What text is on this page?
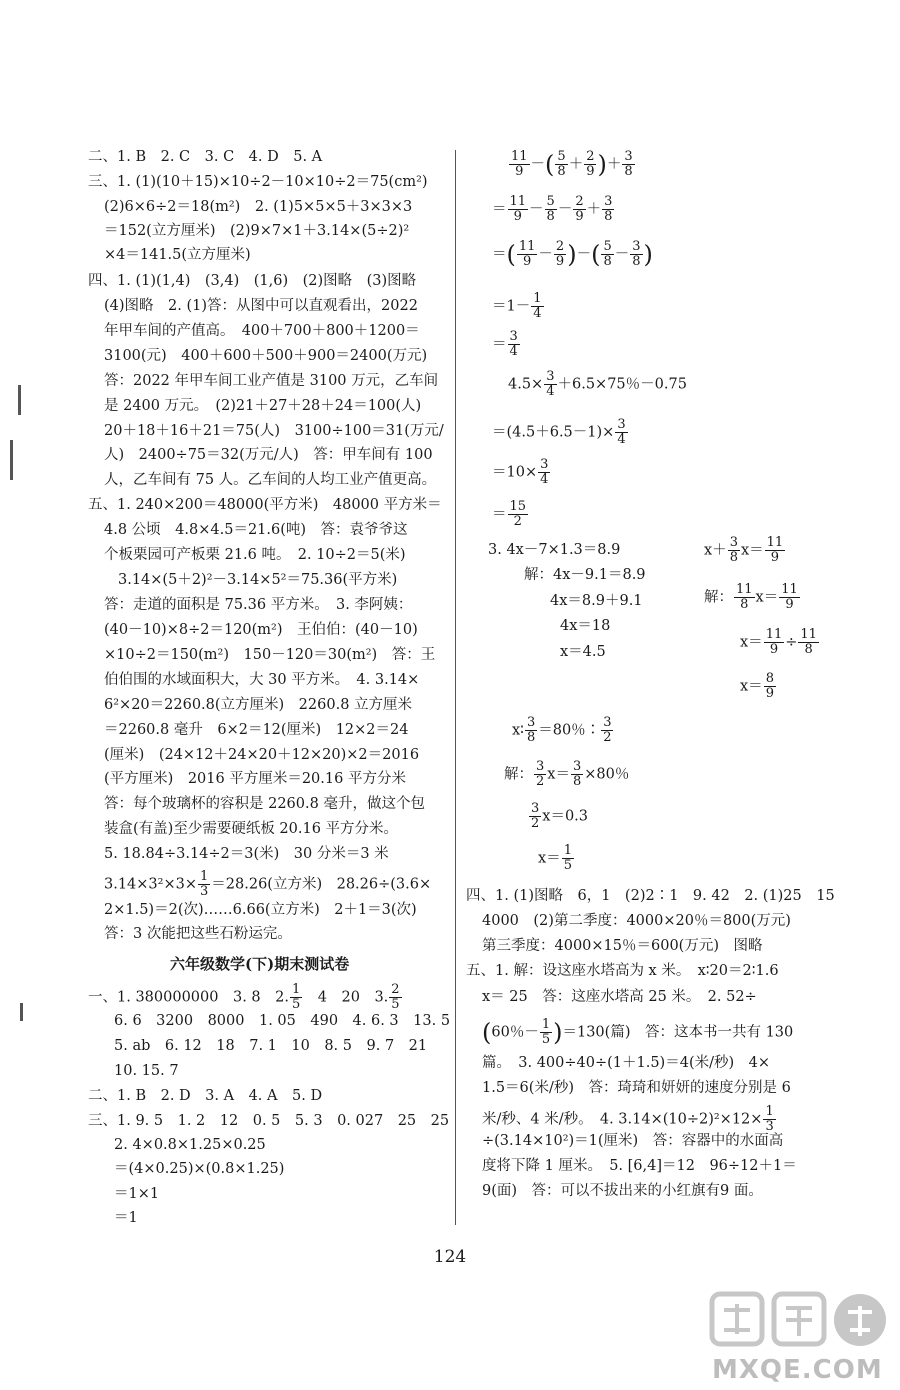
二、1. B　2. C　3. C　4. D　5. A
三、1. (1)(10＋15)×10÷2－10×10÷2＝75(cm²)
(2)6×6÷2＝18(m²)　2. (1)5×5×5＋3×3×3
＝152(立方厘米)　(2)9×7×1＋3.14×(5÷2)²
×4＝141.5(立方厘米)
四、1. (1)(1,4)　(3,4)　(1,6)　(2)图略　(3)图略
(4)图略　2. (1)答：从图中可以直观看出，2022
年甲车间的产值高。　400＋700＋800＋1200＝
3100(元)　400＋600＋500＋900＝2400(万元)
答：2022 年甲车间工业产值是 3100 万元，乙车间
是 2400 万元。　(2)21＋27＋28＋24＝100(人)
20＋18＋16＋21＝75(人)　3100÷100＝31(万元/
人)　2400÷75＝32(万元/人)　答：甲车间有 100
人，乙车间有 75 人。乙车间的人均工业产值更高。
五、1. 240×200＝48000(平方米)　48000 平方米＝
4.8 公顷　4.8×4.5＝21.6(吨)　答：袁爷爷这
个板栗园可产板栗 21.6 吨。　2. 10÷2＝5(米)
3.14×(5＋2)²－3.14×5²＝75.36(平方米)
答：走道的面积是 75.36 平方米。　3. 李阿姨：
(40－10)×8÷2＝120(m²)　王伯伯：(40－10)
×10÷2＝150(m²)　150－120＝30(m²)　答：王
伯伯围的水域面积大，大 30 平方米。　4. 3.14×
6²×20＝2260.8(立方厘米)　2260.8 立方厘米
＝2260.8 毫升　6×2＝12(厘米)　12×2＝24
(厘米)　(24×12＋24×20＋12×20)×2＝2016
(平方厘米)　2016 平方厘米＝20.16 平方分米
答：每个玻璃杯的容积是 2260.8 毫升，做这个包
装盒(有盖)至少需要硬纸板 20.16 平方分米。
5. 18.84÷3.14÷2＝3(米)　30 分米＝3 米
$3.14\times 3^2\times 3\times \frac{1}{3} =28.26$(立方米)　28.26÷(3.6×
2×1.5)＝2(次)……6.66(立方米)　2＋1＝3(次)
答：3 次能把这些石粉运完。
六年级数学(下)期末测试卷
一、1. 380000000　3. 8　2. $\frac{1}{5}$
　 4　20　3. $\frac{2}{5}$
6. 6　3200　8000　1. 05　490　4. 6. 3　13. 5
5. ab　6. 12　18　7. 1　10　8. 5　9. 7　21
10. 15. 7
二、1. B　2. D　3. A　4. A　5. D
三、1. 9. 5　1. 2　12　0. 5　5. 3　0. 027　25　25
2. 4×0.8×1.25×0.25
＝(4×0.25)×(0.8×1.25)
＝1×1
＝1
$\frac{11}{9}$ －( $\frac{5}{8} + \frac{2}{9}$ )＋ $\frac{3}{8}$
＝ $\frac{11}{9} - \frac{5}{8} - \frac{2}{9} + \frac{3}{8}$
＝( $\frac{11}{9} - \frac{2}{9}$ )－( $\frac{5}{8} - \frac{3}{8}$ )
$=1- \frac{1}{4}$
＝ $\frac{3}{4}$
$4.5\times \frac{3}{4} +6.5\times 75$％－0.75
$=(4.5+6.5-1)\times \frac{3}{4}$
$=10\times \frac{3}{4}$
＝ $\frac{15}{2}$
3. 4x－7×1.3＝8.9
解：4x－9.1＝8.9
4x＝8.9＋9.1
4x＝18
x＝4.5
$x+ \frac{3}{8} x= \frac{11}{9}$
解： $\frac{11}{8} x= \frac{11}{9}$
$x= \frac{11}{9} \div \frac{11}{8}$
$x= \frac{8}{9}$
x∶ $\frac{3}{8} =80$％∶ $\frac{3}{2}$
解： $\frac{3}{2} x= \frac{3}{8} \times 80$％
$\frac{3}{2} x=0.3$
$x= \frac{1}{5}$
四、1. (1)图略　6，1　(2)2∶1　9. 42　2. (1)25　15
4000　(2)第二季度：4000×20％＝800(万元)
第三季度：4000×15％＝600(万元)　图略
五、1. 解：设这座水塔高为 x 米。　x∶20＝2∶1.6
x＝ 25　答：这座水塔高 25 米。　2. 52÷
(60％－ $\frac{1}{5} )=130$(篇)　答：这本书一共有 130
篇。　3. 400÷40÷(1＋1.5)＝4(米/秒)　4×
1.5＝6(米/秒)　答：琦琦和妍妍的速度分别是 6
米/秒、4 米/秒。　4. $3.14\times(10\div 2)^2\times 12\times \frac{1}{3}$
÷(3.14×10²)＝1(厘米)　答：容器中的水面高
度将下降 1 厘米。　5. [6,4]＝12　96÷12＋1＝
9(面)　答：可以不拔出来的小红旗有9 面。
124
MXQE.COM
